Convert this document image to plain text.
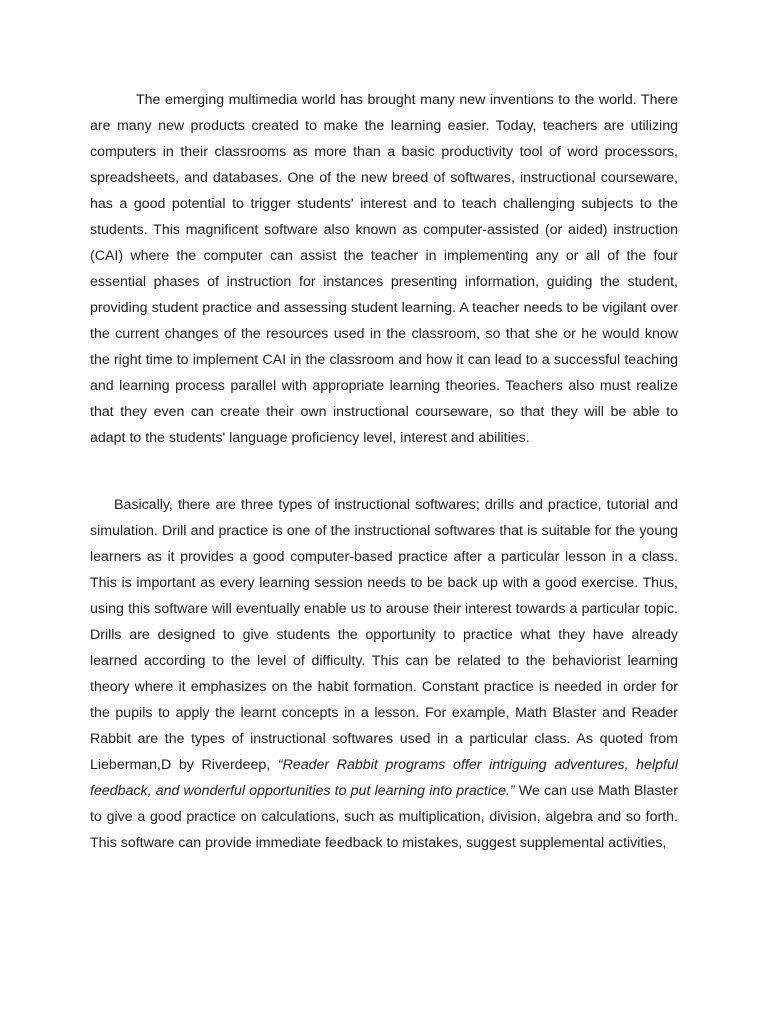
The emerging multimedia world has brought many new inventions to the world. There are many new products created to make the learning easier. Today, teachers are utilizing computers in their classrooms as more than a basic productivity tool of word processors, spreadsheets, and databases. One of the new breed of softwares, instructional courseware, has a good potential to trigger students' interest and to teach challenging subjects to the students. This magnificent software also known as computer-assisted (or aided) instruction (CAI) where the computer can assist the teacher in implementing any or all of the four essential phases of instruction for instances presenting information, guiding the student, providing student practice and assessing student learning. A teacher needs to be vigilant over the current changes of the resources used in the classroom, so that she or he would know the right time to implement CAI in the classroom and how it can lead to a successful teaching and learning process parallel with appropriate learning theories. Teachers also must realize that they even can create their own instructional courseware, so that they will be able to adapt to the students' language proficiency level, interest and abilities.
Basically, there are three types of instructional softwares; drills and practice, tutorial and simulation. Drill and practice is one of the instructional softwares that is suitable for the young learners as it provides a good computer-based practice after a particular lesson in a class. This is important as every learning session needs to be back up with a good exercise. Thus, using this software will eventually enable us to arouse their interest towards a particular topic. Drills are designed to give students the opportunity to practice what they have already learned according to the level of difficulty. This can be related to the behaviorist learning theory where it emphasizes on the habit formation. Constant practice is needed in order for the pupils to apply the learnt concepts in a lesson. For example, Math Blaster and Reader Rabbit are the types of instructional softwares used in a particular class. As quoted from Lieberman,D by Riverdeep, “Reader Rabbit programs offer intriguing adventures, helpful feedback, and wonderful opportunities to put learning into practice.” We can use Math Blaster to give a good practice on calculations, such as multiplication, division, algebra and so forth. This software can provide immediate feedback to mistakes, suggest supplemental activities,
